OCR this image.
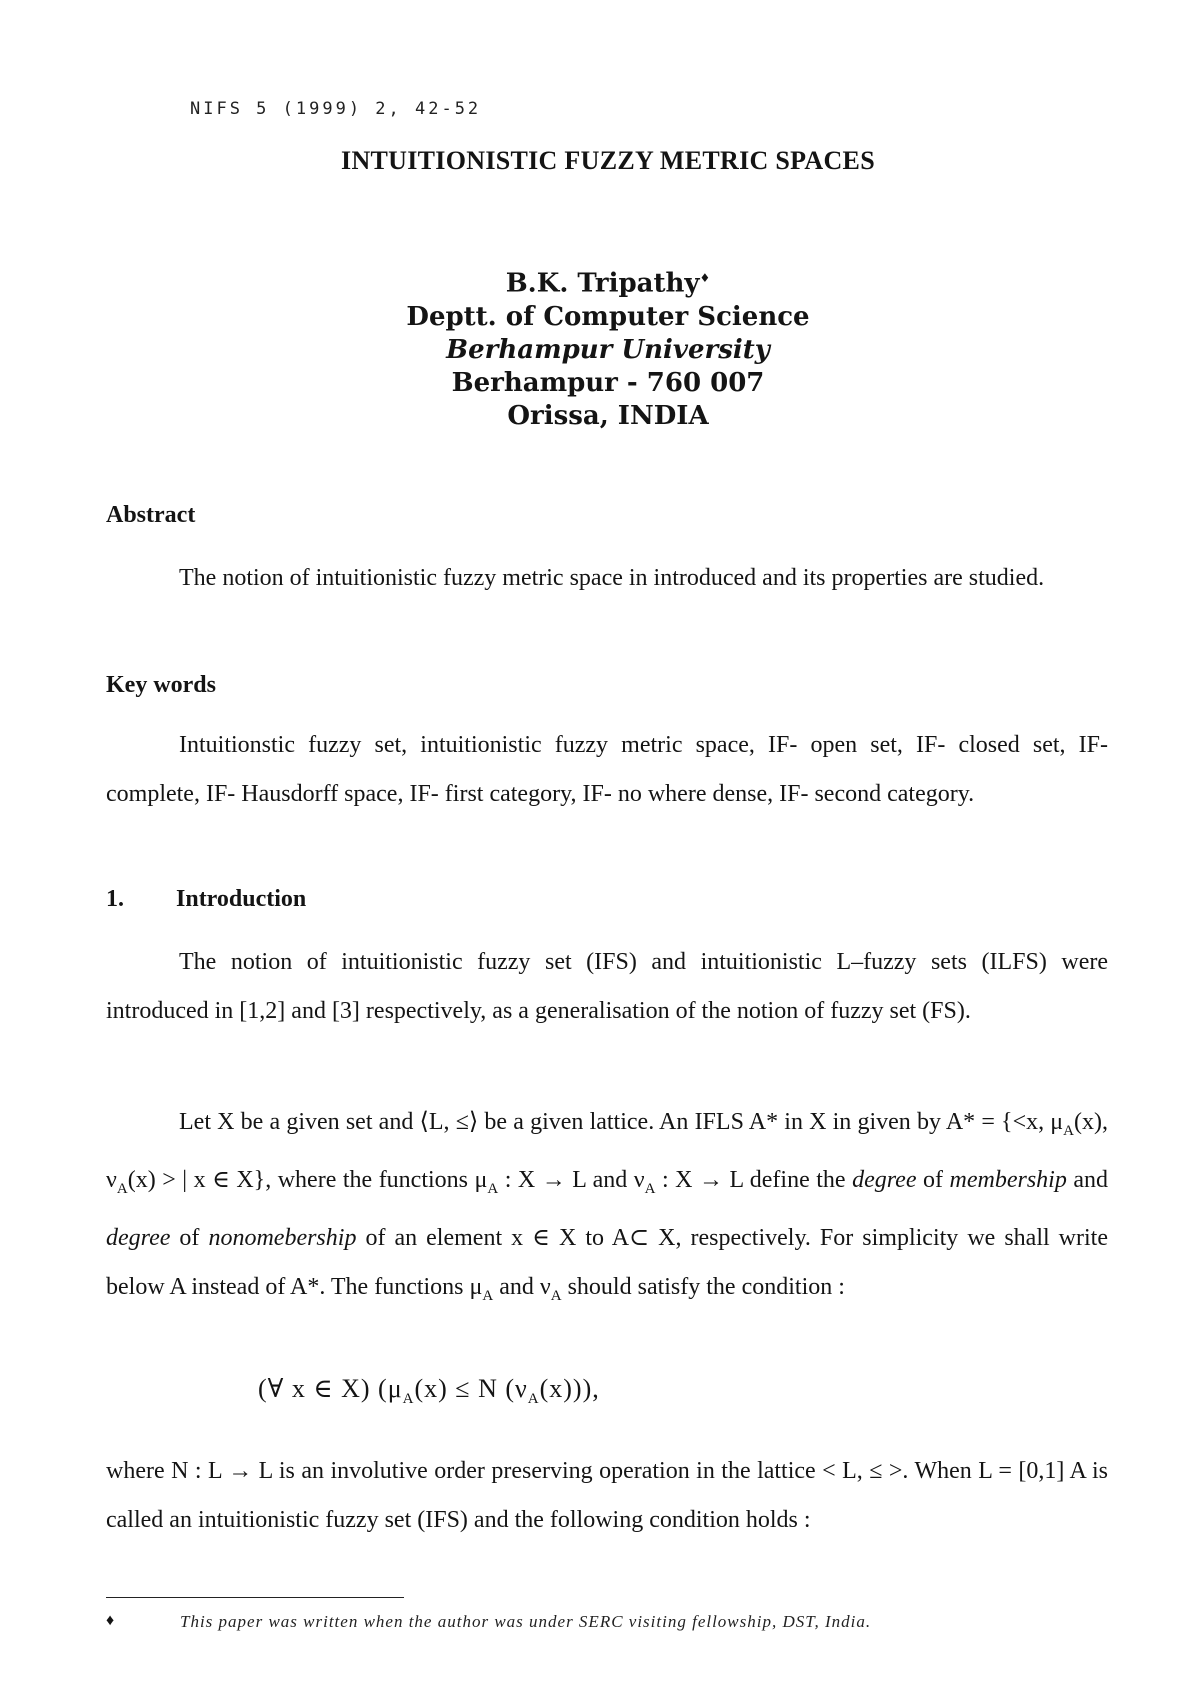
NIFS 5 (1999) 2, 42-52
INTUITIONISTIC FUZZY METRIC SPACES
B.K. Tripathy♦
Deptt. of Computer Science
Berhampur University
Berhampur - 760 007
Orissa, INDIA
Abstract
The notion of intuitionistic fuzzy metric space in introduced and its properties are studied.
Key words
Intuitionstic fuzzy set, intuitionistic fuzzy metric space, IF- open set, IF- closed set, IF- complete, IF- Hausdorff space, IF- first category, IF- no where dense, IF- second category.
1. Introduction
The notion of intuitionistic fuzzy set (IFS) and intuitionistic L–fuzzy sets (ILFS) were introduced in [1,2] and [3] respectively, as a generalisation of the notion of fuzzy set (FS).
Let X be a given set and ⟨L, ≤⟩ be a given lattice. An IFLS A* in X in given by A* = {<x, $\mu_A(x)$, $\nu_A(x)$ > | x ∈ X}, where the functions $\mu_A$ : X → L and $\nu_A$ : X → L define the degree of membership and degree of nonomebership of an element x ∈ X to A⊂ X, respectively. For simplicity we shall write below A instead of A*. The functions $\mu_A$ and $\nu_A$ should satisfy the condition :
(∀ x ∈ X) ($\mu_A(x) \le N$ $(\nu_A(x))$),
where N : L → L is an involutive order preserving operation in the lattice < L, ≤ >. When L = [0,1] A is called an intuitionistic fuzzy set (IFS) and the following condition holds :
♦	This paper was written when the author was under SERC visiting fellowship, DST, India.
